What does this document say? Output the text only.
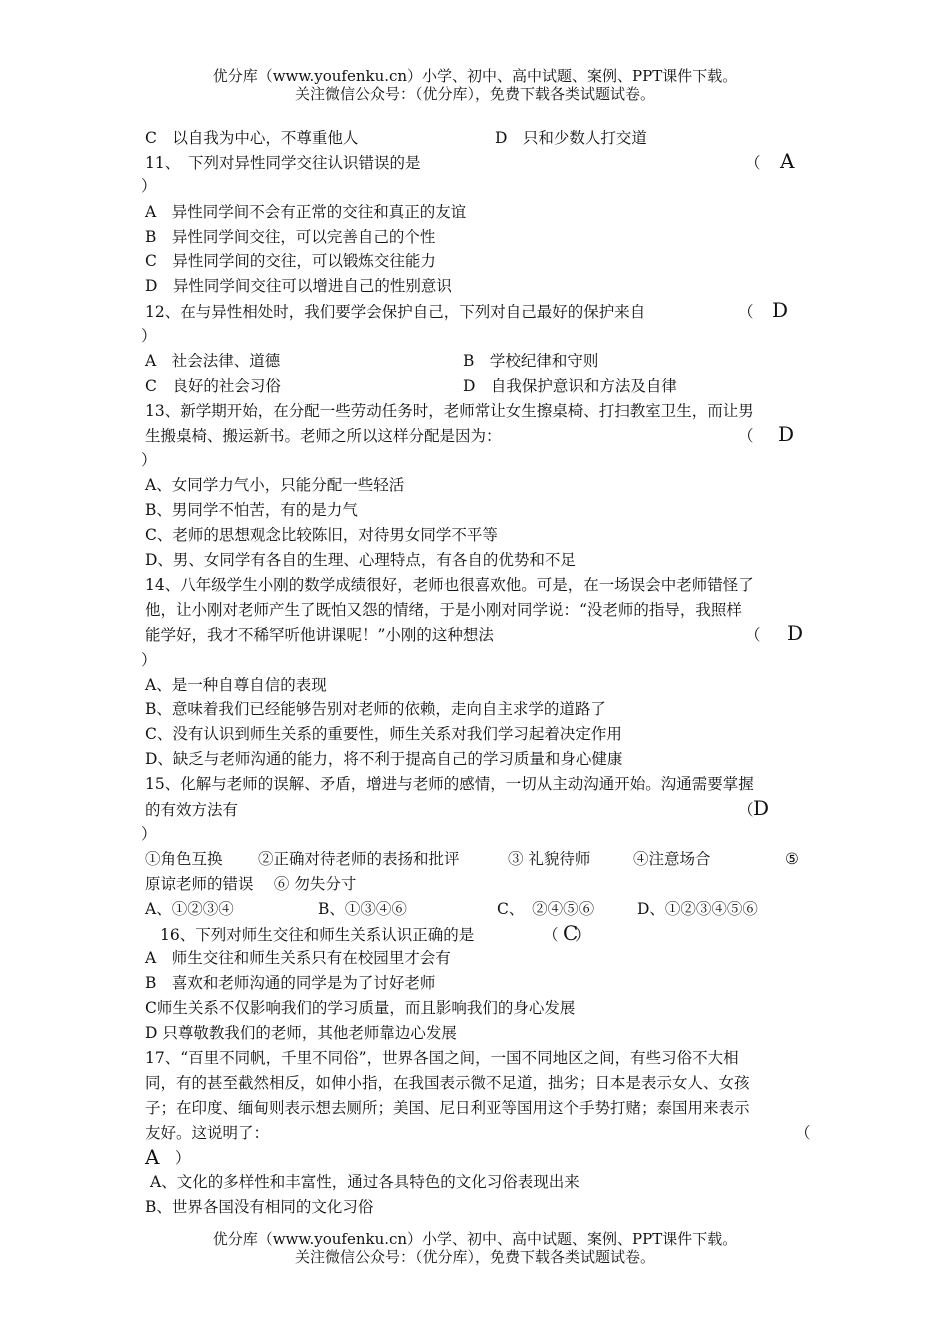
优分库（www.youfenku.cn）小学、初中、高中试题、案例、PPT课件下载。
关注微信公众号：（优分库），免费下载各类试题试卷。
C　以自我为中心，不尊重他人	D　只和少数人打交道
11、　下列对异性同学交往认识错误的是	（ A
）
A　异性同学间不会有正常的交往和真正的友谊
B　异性同学间交往，可以完善自己的个性
C　异性同学间的交往，可以锻炼交往能力
D　异性同学间交往可以增进自己的性别意识
12、在与异性相处时，我们要学会保护自己，下列对自己最好的保护来自	（ D
）
A　社会法律、道德	B　学校纪律和守则
C　良好的社会习俗	D　自我保护意识和方法及自律
13、新学期开始，在分配一些劳动任务时，老师常让女生擦桌椅、打扫教室卫生，而让男
生搬桌椅、搬运新书。老师之所以这样分配是因为：	（ D
）
A、女同学力气小，只能分配一些轻活
B、男同学不怕苦，有的是力气
C、老师的思想观念比较陈旧，对待男女同学不平等
D、男、女同学有各自的生理、心理特点，有各自的优势和不足
14、八年级学生小刚的数学成绩很好，老师也很喜欢他。可是，在一场误会中老师错怪了
他，让小刚对老师产生了既怕又怨的情绪，于是小刚对同学说：“没老师的指导，我照样
能学好，我才不稀罕听他讲课呢！”小刚的这种想法	（ D
）
A、是一种自尊自信的表现
B、意味着我们已经能够告别对老师的依赖，走向自主求学的道路了
C、没有认识到师生关系的重要性，师生关系对我们学习起着决定作用
D、缺乏与老师沟通的能力，将不利于提高自己的学习质量和身心健康
15、化解与老师的误解、矛盾，增进与老师的感情，一切从主动沟通开始。沟通需要掌握
的有效方法有	（ D
）
①角色互换 ②正确对待老师的表扬和批评	③ 礼貌待师	④注意场合	⑤
原谅老师的错误　 ⑥ 勿失分寸
A、①②③④	B、①③④⑥	C、　②④⑤⑥	D、①②③④⑤⑥
16、下列对师生交往和师生关系认识正确的是	（ C
）
A　师生交往和师生关系只有在校园里才会有
B　喜欢和老师沟通的同学是为了讨好老师
C师生关系不仅影响我们的学习质量，而且影响我们的身心发展
D 只尊敬教我们的老师，其他老师靠边心发展
17、“百里不同帆，千里不同俗”，世界各国之间，一国不同地区之间，有些习俗不大相
同，有的甚至截然相反，如伸小指，在我国表示微不足道，拙劣；日本是表示女人、女孩
子；在印度、缅甸则表示想去厕所；美国、尼日利亚等国用这个手势打赌；泰国用来表示
友好。这说明了：	（
A ）
A、文化的多样性和丰富性，通过各具特色的文化习俗表现出来
B、世界各国没有相同的文化习俗
优分库（www.youfenku.cn）小学、初中、高中试题、案例、PPT课件下载。
关注微信公众号：（优分库），免费下载各类试题试卷。
